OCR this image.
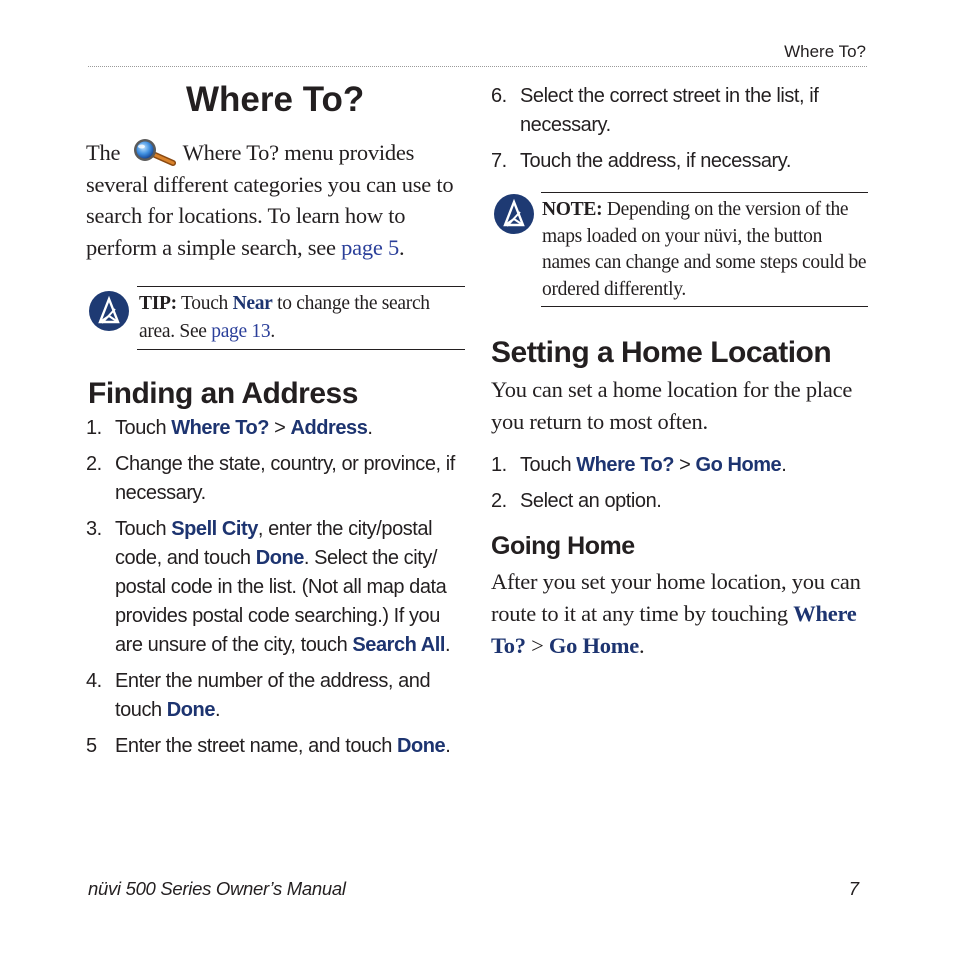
Where To?
Where To?

The	Where To? menu provides several different categories you can use to search for locations. To learn how to perform a simple search, see page 5.

TIP: Touch Near to change the search area. See page 13.
Finding an Address
1. Touch Where To? > Address.
2. Change the state, country, or province, if necessary.
3. Touch Spell City, enter the city/postal code, and touch Done. Select the city/ postal code in the list. (Not all map data provides postal code searching.) If you are unsure of the city, touch Search All.
4. Enter the number of the address, and touch Done.
5 Enter the street name, and touch Done.
6. Select the correct street in the list, if necessary.
7. Touch the address, if necessary.
NOTE: Depending on the version of the maps loaded on your nüvi, the button names can change and some steps could be ordered differently.
Setting a Home Location

You can set a home location for the place you return to most often.

1. Touch Where To? > Go Home.
2. Select an option.
Going Home

After you set your home location, you can route to it at any time by touching Where To? > Go Home.

nüvi 500 Series Owner’s Manual	7
